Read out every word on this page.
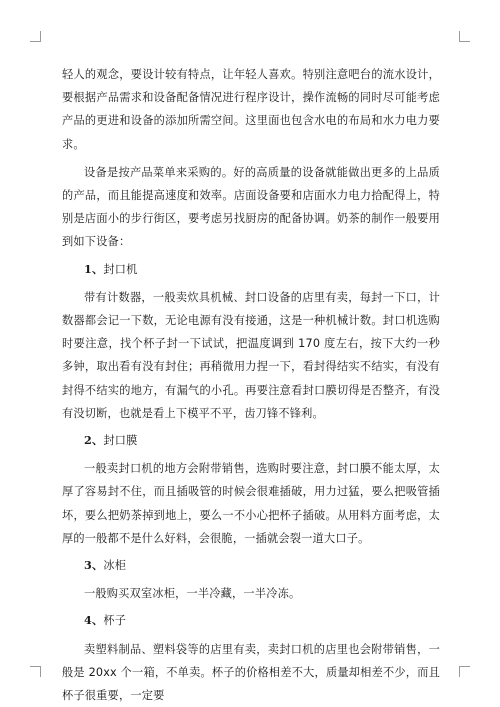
轻人的观念，要设计较有特点，让年轻人喜欢。特别注意吧台的流水设计，要根据产品需求和设备配备情况进行程序设计，操作流畅的同时尽可能考虑产品的更进和设备的添加所需空间。这里面也包含水电的布局和水力电力要求。

设备是按产品菜单来采购的。好的高质量的设备就能做出更多的上品质的产品，而且能提高速度和效率。店面设备要和店面水力电力拾配得上，特别是店面小的步行街区，要考虑另找厨房的配备协调。奶茶的制作一般要用到如下设备：

1、封口机

带有计数器，一般卖炊具机械、封口设备的店里有卖，每封一下口，计数器都会记一下数，无论电源有没有接通，这是一种机械计数。封口机选购时要注意，找个杯子封一下试试，把温度调到 170 度左右，按下大约一秒多钟，取出看有没有封住；再稍微用力捏一下，看封得结实不结实，有没有封得不结实的地方，有漏气的小孔。再要注意看封口膜切得是否整齐，有没有没切断，也就是看上下模平不平，齿刀锋不锋利。

2、封口膜

一般卖封口机的地方会附带销售，选购时要注意，封口膜不能太厚，太厚了容易封不住，而且插吸管的时候会很难插破，用力过猛，要么把吸管插坏，要么把奶茶掉到地上，要么一不小心把杯子插破。从用料方面考虑，太厚的一般都不是什么好料，会很脆，一插就会裂一道大口子。

3、冰柜

一般购买双室冰柜，一半冷藏，一半冷冻。

4、杯子

卖塑料制品、塑料袋等的店里有卖，卖封口机的店里也会附带销售，一般是 20xx 个一箱，不单卖。杯子的价格相差不大，质量却相差不少，而且杯子很重要，一定要
